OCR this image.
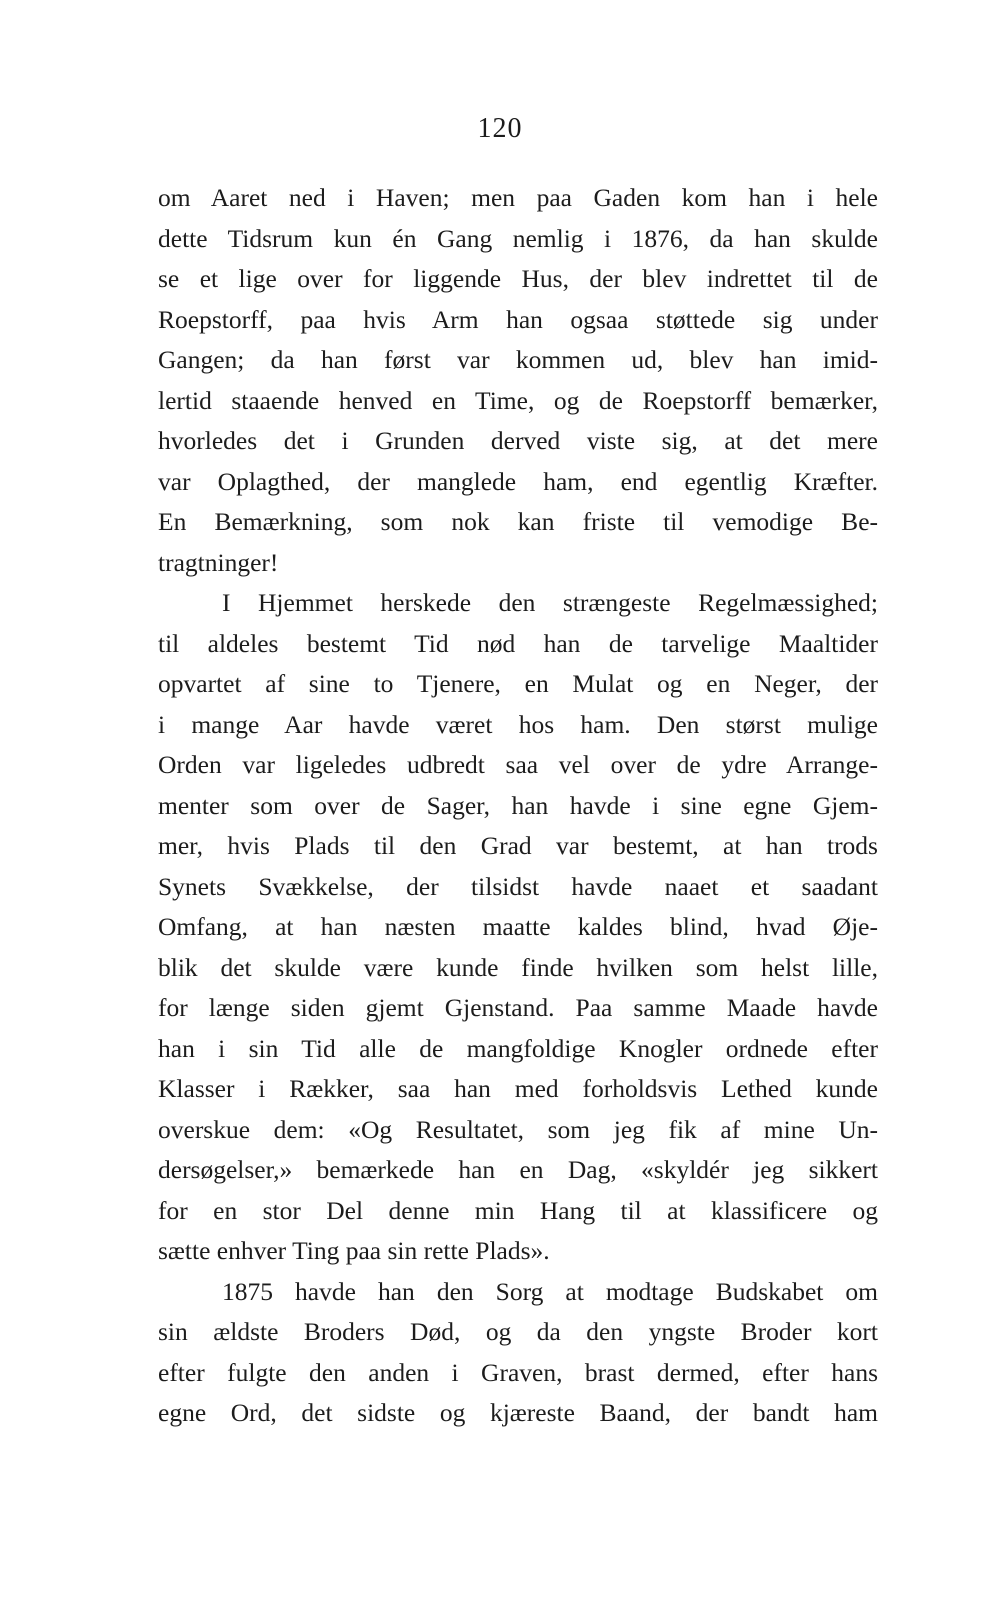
120
om Aaret ned i Haven; men paa Gaden kom han i hele
dette Tidsrum kun én Gang nemlig i 1876, da han skulde
se et lige over for liggende Hus, der blev indrettet til de
Roepstorff, paa hvis Arm han ogsaa støttede sig under
Gangen; da han først var kommen ud, blev han imid-
lertid staaende henved en Time, og de Roepstorff bemærker,
hvorledes det i Grunden derved viste sig, at det mere
var Oplagthed, der manglede ham, end egentlig Kræfter.
En Bemærkning, som nok kan friste til vemodige Be-
tragtninger!
I Hjemmet herskede den strængeste Regelmæssighed;
til aldeles bestemt Tid nød han de tarvelige Maaltider
opvartet af sine to Tjenere, en Mulat og en Neger, der
i mange Aar havde været hos ham. Den størst mulige
Orden var ligeledes udbredt saa vel over de ydre Arrange-
menter som over de Sager, han havde i sine egne Gjem-
mer, hvis Plads til den Grad var bestemt, at han trods
Synets Svækkelse, der tilsidst havde naaet et saadant
Omfang, at han næsten maatte kaldes blind, hvad Øje-
blik det skulde være kunde finde hvilken som helst lille,
for længe siden gjemt Gjenstand. Paa samme Maade havde
han i sin Tid alle de mangfoldige Knogler ordnede efter
Klasser i Rækker, saa han med forholdsvis Lethed kunde
overskue dem: «Og Resultatet, som jeg fik af mine Un-
dersøgelser,» bemærkede han en Dag, «skyldér jeg sikkert
for en stor Del denne min Hang til at klassificere og
sætte enhver Ting paa sin rette Plads».
1875 havde han den Sorg at modtage Budskabet om
sin ældste Broders Død, og da den yngste Broder kort
efter fulgte den anden i Graven, brast dermed, efter hans
egne Ord, det sidste og kjæreste Baand, der bandt ham
